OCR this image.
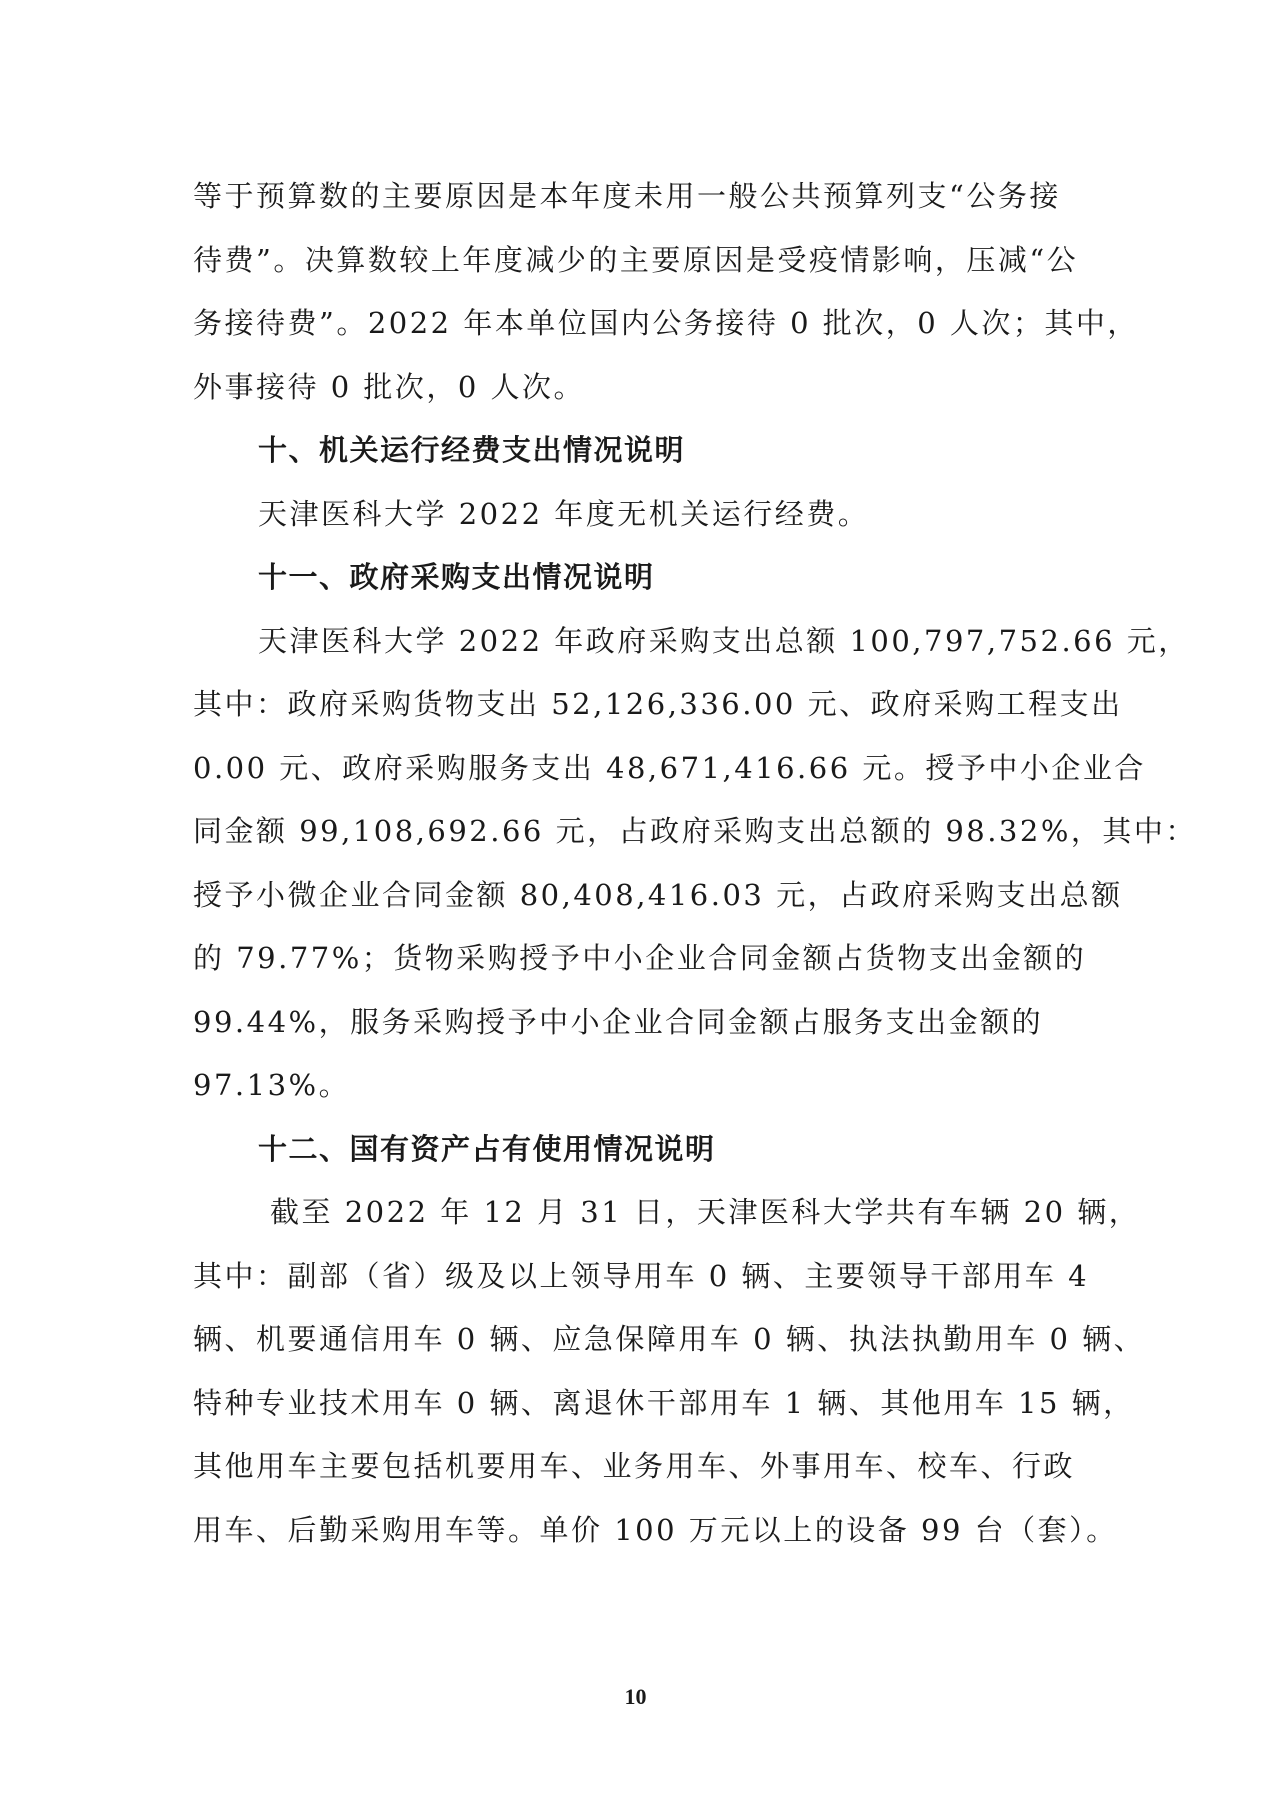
等于预算数的主要原因是本年度未用一般公共预算列支“公务接
待费”。决算数较上年度减少的主要原因是受疫情影响，压减“公
务接待费”。2022 年本单位国内公务接待 0 批次，0 人次；其中，
外事接待 0 批次，0 人次。
十、机关运行经费支出情况说明
天津医科大学 2022 年度无机关运行经费。
十一、政府采购支出情况说明
天津医科大学 2022 年政府采购支出总额 100,797,752.66 元，
其中：政府采购货物支出 52,126,336.00 元、政府采购工程支出
0.00 元、政府采购服务支出 48,671,416.66 元。授予中小企业合
同金额 99,108,692.66 元，占政府采购支出总额的 98.32%，其中：
授予小微企业合同金额 80,408,416.03 元，占政府采购支出总额
的 79.77%；货物采购授予中小企业合同金额占货物支出金额的
99.44%，服务采购授予中小企业合同金额占服务支出金额的
97.13%。
十二、国有资产占有使用情况说明
截至 2022 年 12 月 31 日，天津医科大学共有车辆 20 辆，
其中：副部（省）级及以上领导用车 0 辆、主要领导干部用车 4
辆、机要通信用车 0 辆、应急保障用车 0 辆、执法执勤用车 0 辆、
特种专业技术用车 0 辆、离退休干部用车 1 辆、其他用车 15 辆，
其他用车主要包括机要用车、业务用车、外事用车、校车、行政
用车、后勤采购用车等。单价 100 万元以上的设备 99 台（套）。
10
